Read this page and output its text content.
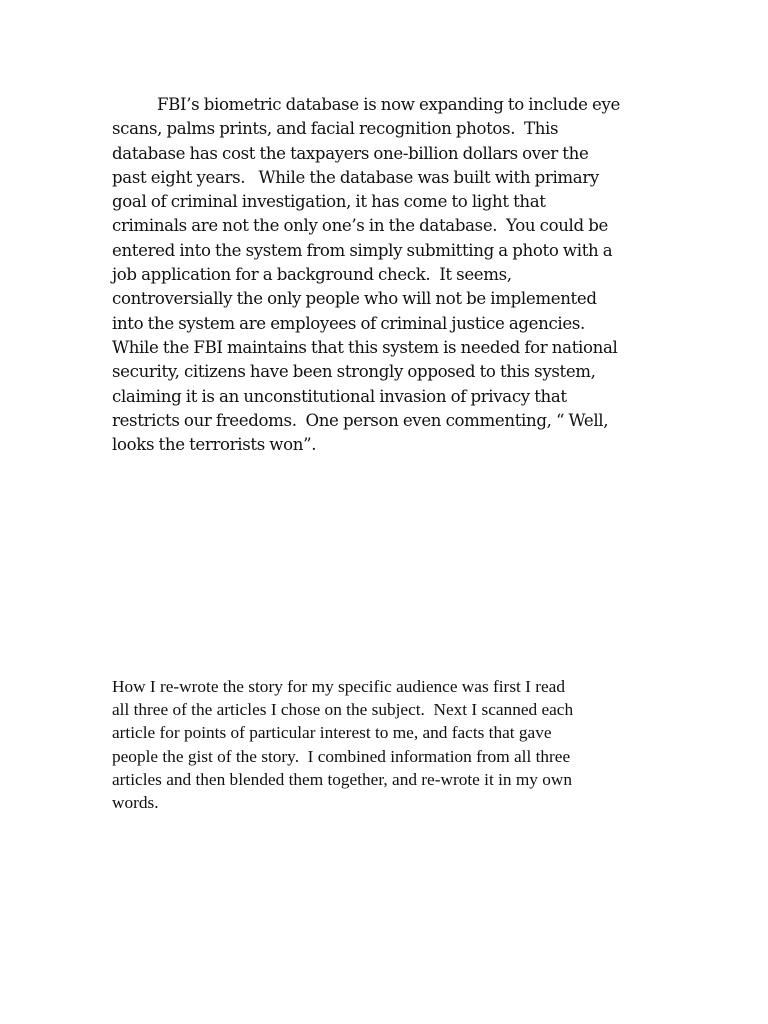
FBI’s biometric database is now expanding to include eye
scans, palms prints, and facial recognition photos.  This
database has cost the taxpayers one-billion dollars over the
past eight years.   While the database was built with primary
goal of criminal investigation, it has come to light that
criminals are not the only one’s in the database.  You could be
entered into the system from simply submitting a photo with a
job application for a background check.  It seems,
controversially the only people who will not be implemented
into the system are employees of criminal justice agencies.
While the FBI maintains that this system is needed for national
security, citizens have been strongly opposed to this system,
claiming it is an unconstitutional invasion of privacy that
restricts our freedoms.  One person even commenting, “ Well,
looks the terrorists won”.

How I re-wrote the story for my specific audience was first I read
all three of the articles I chose on the subject.  Next I scanned each
article for points of particular interest to me, and facts that gave
people the gist of the story.  I combined information from all three
articles and then blended them together, and re-wrote it in my own
words.
